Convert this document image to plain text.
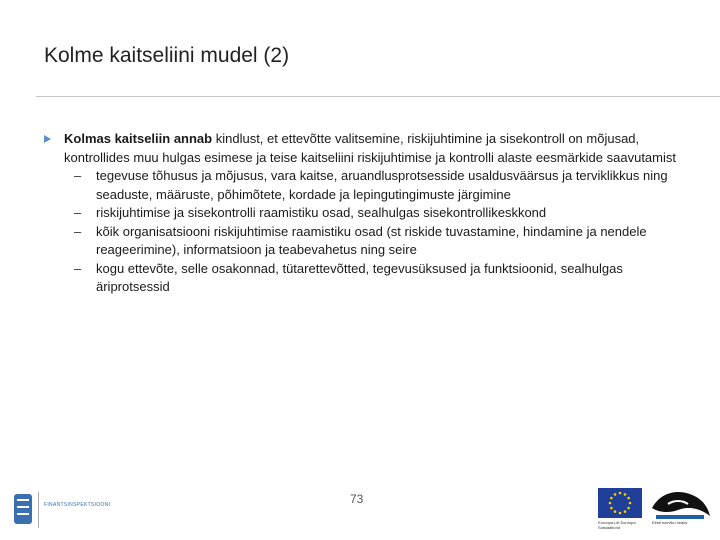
Kolme kaitseliini mudel (2)
Kolmas kaitseliin annab kindlust, et ettevõtte valitsemine, riskijuhtimine ja sisekontroll on mõjusad, kontrollides muu hulgas esimese ja teise kaitseliini riskijuhtimise ja kontrolli alaste eesmärkide saavutamist
– tegevuse tõhusus ja mõjusus, vara kaitse, aruandlusprotsesside usaldusväärsus ja terviklikkus ning seaduste, määruste, põhimõtete, kordade ja lepingutingimuste järgimine
– riskijuhtimise ja sisekontrolli raamistiku osad, sealhulgas sisekontrollikeskkond
– kõik organisatsiooni riskijuhtimise raamistiku osad (st riskide tuvastamine, hindamine ja nendele reageerimine), informatsioon ja teabevahetus ning seire
– kogu ettevõte, selle osakonnad, tütarettevõtted, tegevusüksused ja funktsioonid, sealhulgas äriprotsessid
73
FINANTSINSPEKTSIOONI
Euroopa Liit Euroopa Sotsiaalfond
Eesti tuleviku heaks
